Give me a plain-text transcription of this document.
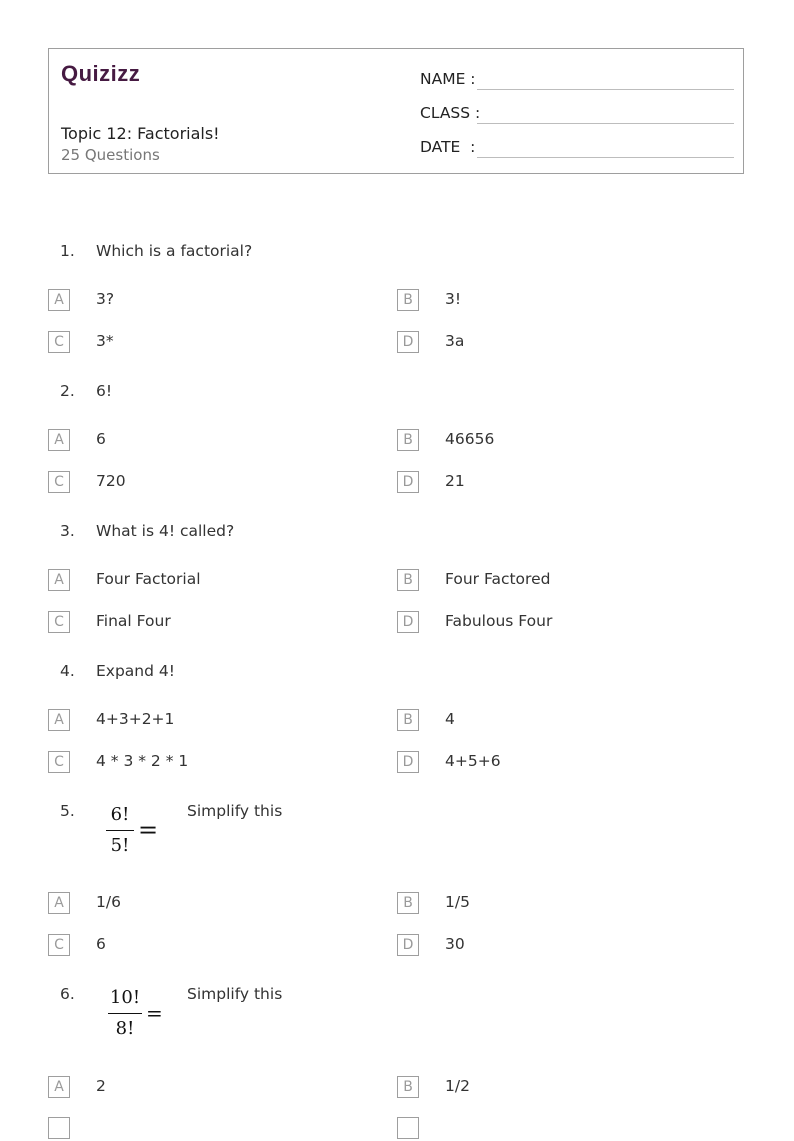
Quizizz
Topic 12: Factorials!
25 Questions
NAME :
CLASS :
DATE  :
1. Which is a factorial?
A	3?	B	3!
C	3*	D	3a
2. 6!
A	6	B	46656
C	720	D	21
3. What is 4! called?
A	Four Factorial	B	Four Factored
C	Final Four	D	Fabulous Four
4. Expand 4!
A	4+3+2+1	B	4
C	4 * 3 * 2 * 1	D	4+5+6
5. 6!
5!
=
Simplify this
A	1/6	B	1/5
C	6	D	30
6. 10!
8!
=
Simplify this
A	2	B	1/2
